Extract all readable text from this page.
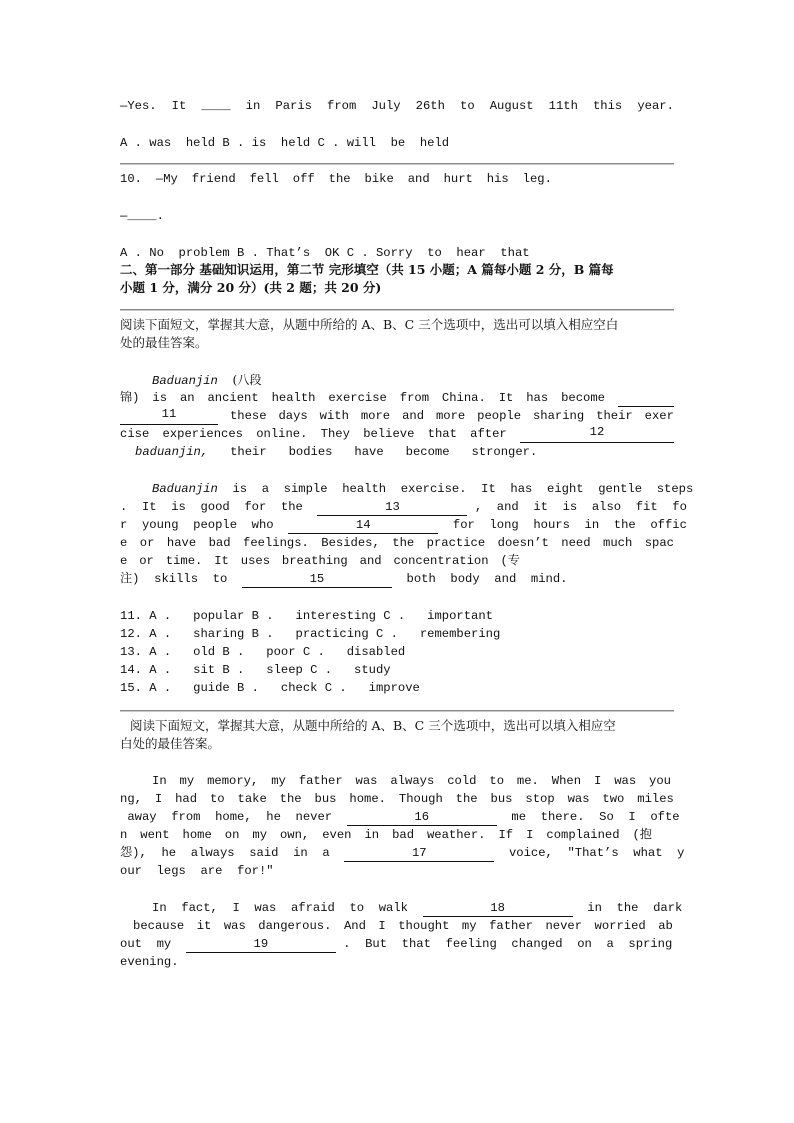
—Yes. It ____ in Paris from July 26th to August 11th this year.
A . was  held B . is  held C . will  be  held
10. —My friend fell off the bike and hurt his leg.
—____.
A . No  problem B . That’s  OK C . Sorry  to  hear  that
二、第一部分 基础知识运用，第二节 完形填空（共 15 小题；A 篇每小题 2 分，B 篇每
小题 1 分，满分 20 分）(共 2 题；共 20 分)
阅读下面短文，掌握其大意，从题中所给的 A、B、C 三个选项中，选出可以填入相应空白
处的最佳答案。
Baduanjin (八段
锦) is an ancient health exercise from China. It has become

11	these days with more and more people sharing their exer
cise experiences online. They believe that after	12
baduanjin,   their   bodies   have   become   stronger.
Baduanjin  is  a  simple  health  exercise.  It  has  eight  gentle  steps
.  It  is  good  for  the	13	,  and  it  is  also  fit  fo
r  young  people  who	14	for  long  hours  in  the  offic
e or have bad feelings. Besides, the practice doesn’t need much spac
e or time. It uses breathing and concentration (专
注)  skills  to	15	both  body  and  mind.
11. A .   popular B .   interesting C .   important
12. A .   sharing B .   practicing C .   remembering
13. A .   old B .   poor C .   disabled
14. A .   sit B .   sleep C .   study
15. A .   guide B .   check C .   improve
阅读下面短文，掌握其大意，从题中所给的 A、B、C 三个选项中，选出可以填入相应空
白处的最佳答案。
In my memory, my father was always cold to me. When I was you
ng, I had to take the bus home. Though the bus stop was two miles
away  from  home,  he  never	16	me  there.  So  I  ofte
n went home on my own, even in bad weather. If I complained (抱
怨),  he  always  said  in  a	17	voice,  "That’s  what  y
our  legs  are  for!"
In  fact,  I  was  afraid  to  walk	18	in  the  dark
because it was dangerous. And I thought my father never worried ab
out  my	19	.  But  that  feeling  changed  on  a  spring
evening.
